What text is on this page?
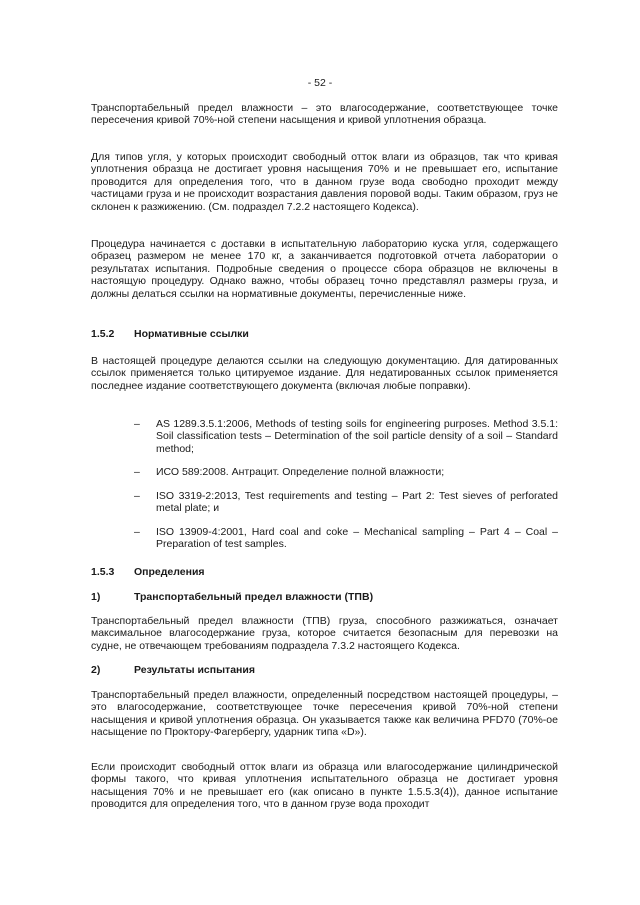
- 52 -
Транспортабельный предел влажности – это влагосодержание, соответствующее точке пересечения кривой 70%-ной степени насыщения и кривой уплотнения образца.
Для типов угля, у которых происходит свободный отток влаги из образцов, так что кривая уплотнения образца не достигает уровня насыщения 70% и не превышает его, испытание проводится для определения того, что в данном грузе вода свободно проходит между частицами груза и не происходит возрастания давления поровой воды. Таким образом, груз не склонен к разжижению. (См. подраздел 7.2.2 настоящего Кодекса).
Процедура начинается с доставки в испытательную лабораторию куска угля, содержащего образец размером не менее 170 кг, а заканчивается подготовкой отчета лаборатории о результатах испытания. Подробные сведения о процессе сбора образцов не включены в настоящую процедуру. Однако важно, чтобы образец точно представлял размеры груза, и должны делаться ссылки на нормативные документы, перечисленные ниже.
1.5.2 Нормативные ссылки
В настоящей процедуре делаются ссылки на следующую документацию. Для датированных ссылок применяется только цитируемое издание. Для недатированных ссылок применяется последнее издание соответствующего документа (включая любые поправки).
– AS 1289.3.5.1:2006, Methods of testing soils for engineering purposes. Method 3.5.1: Soil classification tests – Determination of the soil particle density of a soil – Standard method;
– ИСО 589:2008. Антрацит. Определение полной влажности;
– ISO 3319-2:2013, Test requirements and testing – Part 2: Test sieves of perforated metal plate; и
– ISO 13909-4:2001, Hard coal and coke – Mechanical sampling – Part 4 – Coal – Preparation of test samples.
1.5.3 Определения
1)	Транспортабельный предел влажности (ТПВ)
Транспортабельный предел влажности (ТПВ) груза, способного разжижаться, означает максимальное влагосодержание груза, которое считается безопасным для перевозки на судне, не отвечающем требованиям подраздела 7.3.2 настоящего Кодекса.
2)	Результаты испытания
Транспортабельный предел влажности, определенный посредством настоящей процедуры, – это влагосодержание, соответствующее точке пересечения кривой 70%-ной степени насыщения и кривой уплотнения образца. Он указывается также как величина PFD70 (70%-ое насыщение по Проктору-Фагербергу, ударник типа «D»).
Если происходит свободный отток влаги из образца или влагосодержание цилиндрической формы такого, что кривая уплотнения испытательного образца не достигает уровня насыщения 70% и не превышает его (как описано в пункте 1.5.5.3(4)), данное испытание проводится для определения того, что в данном грузе вода проходит
